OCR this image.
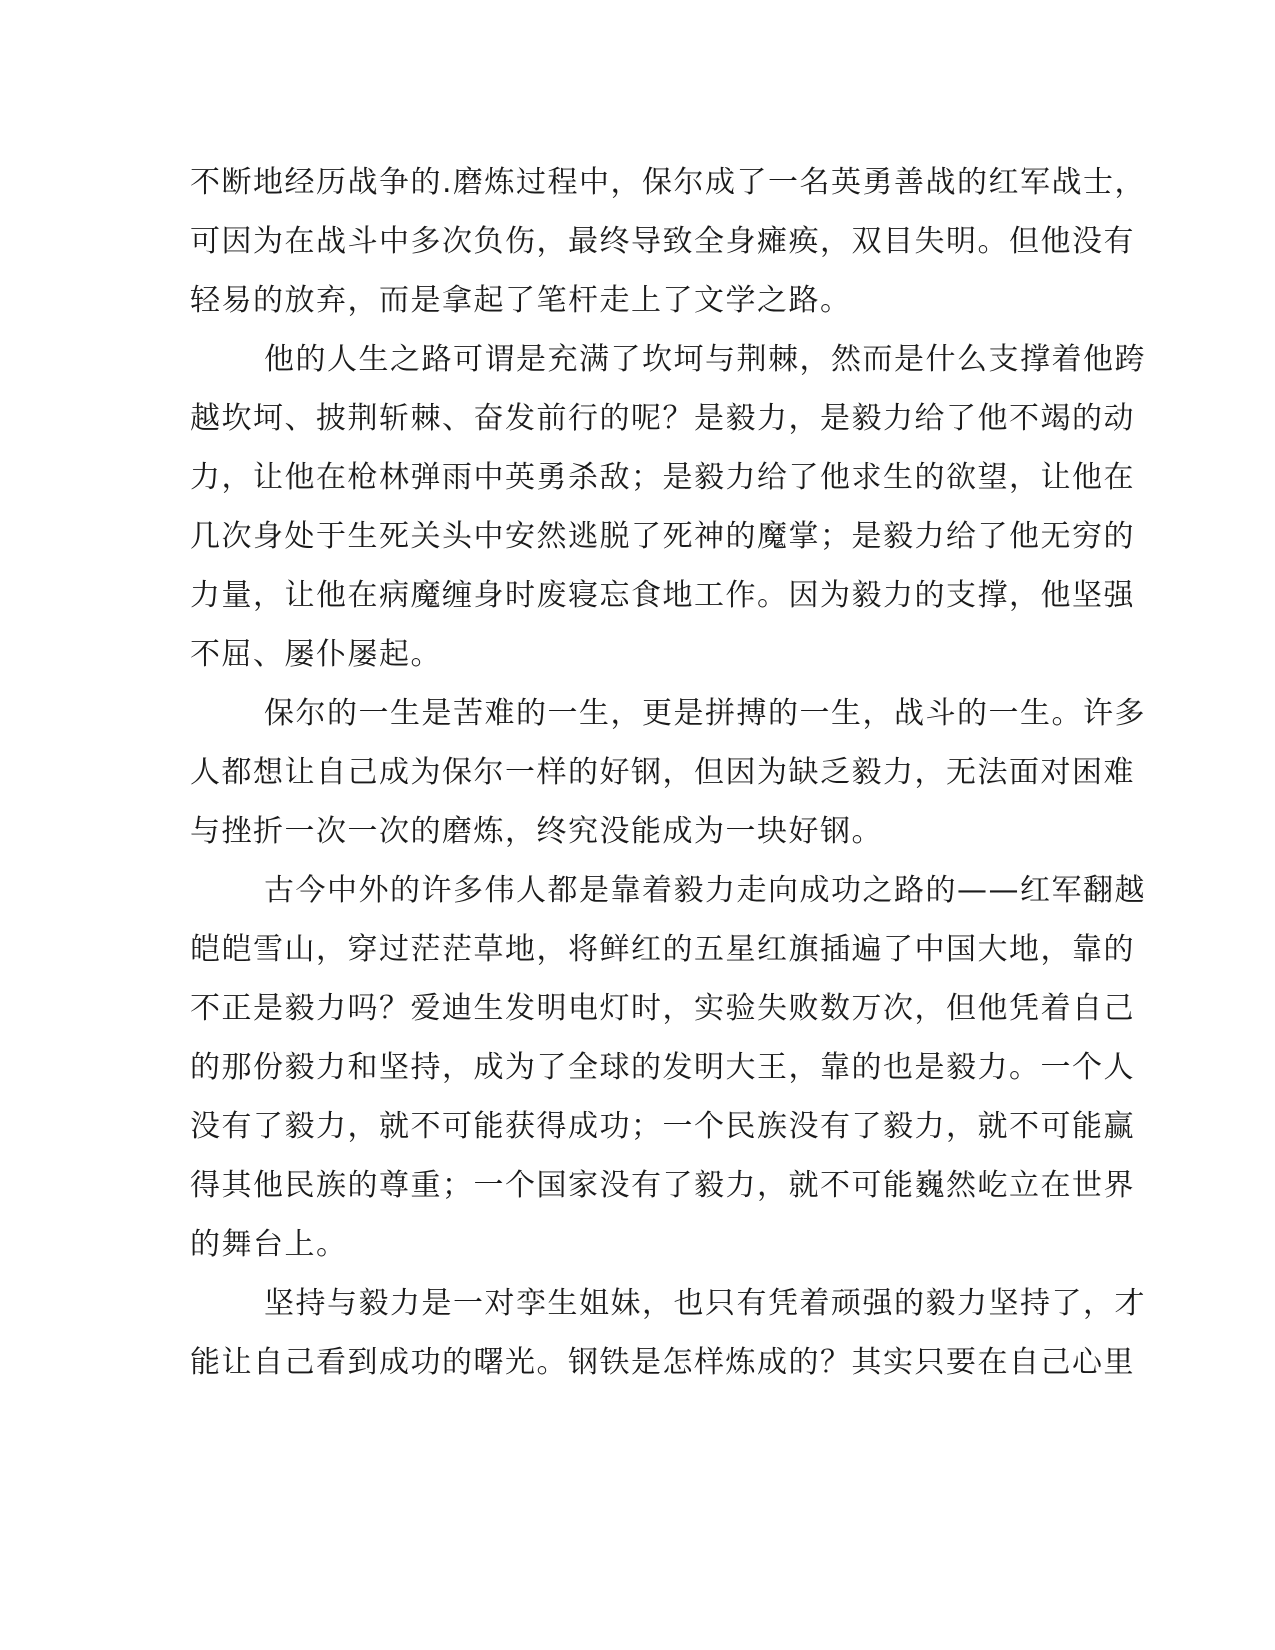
不断地经历战争的.磨炼过程中，保尔成了一名英勇善战的红军战士，
可因为在战斗中多次负伤，最终导致全身瘫痪，双目失明。但他没有
轻易的放弃，而是拿起了笔杆走上了文学之路。
他的人生之路可谓是充满了坎坷与荆棘，然而是什么支撑着他跨
越坎坷、披荆斩棘、奋发前行的呢？是毅力，是毅力给了他不竭的动
力，让他在枪林弹雨中英勇杀敌；是毅力给了他求生的欲望，让他在
几次身处于生死关头中安然逃脱了死神的魔掌；是毅力给了他无穷的
力量，让他在病魔缠身时废寝忘食地工作。因为毅力的支撑，他坚强
不屈、屡仆屡起。
保尔的一生是苦难的一生，更是拼搏的一生，战斗的一生。许多
人都想让自己成为保尔一样的好钢，但因为缺乏毅力，无法面对困难
与挫折一次一次的磨炼，终究没能成为一块好钢。
古今中外的许多伟人都是靠着毅力走向成功之路的——红军翻越
皑皑雪山，穿过茫茫草地，将鲜红的五星红旗插遍了中国大地，靠的
不正是毅力吗？爱迪生发明电灯时，实验失败数万次，但他凭着自己
的那份毅力和坚持，成为了全球的发明大王，靠的也是毅力。一个人
没有了毅力，就不可能获得成功；一个民族没有了毅力，就不可能赢
得其他民族的尊重；一个国家没有了毅力，就不可能巍然屹立在世界
的舞台上。
坚持与毅力是一对孪生姐妹，也只有凭着顽强的毅力坚持了，才
能让自己看到成功的曙光。钢铁是怎样炼成的？其实只要在自己心里
